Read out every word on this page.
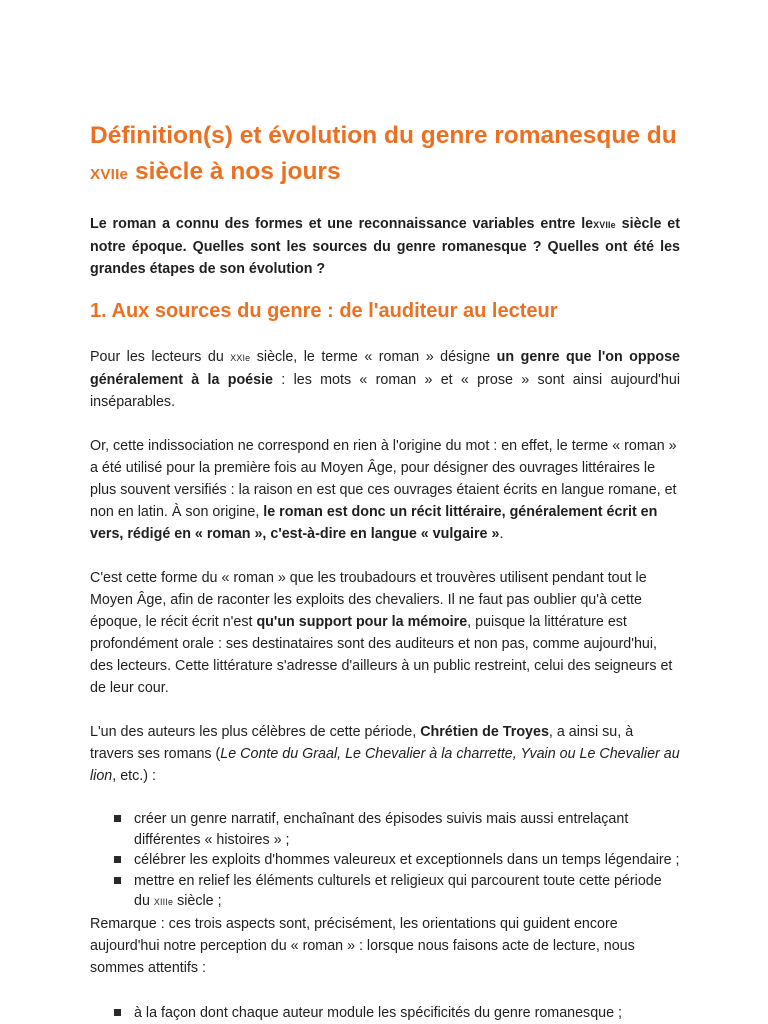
Définition(s) et évolution du genre romanesque du
XVIIe siècle à nos jours

Le roman a connu des formes et une reconnaissance variables entre leXVIIe siècle et notre époque. Quelles sont les sources du genre romanesque ? Quelles ont été les grandes étapes de son évolution ?

1. Aux sources du genre : de l'auditeur au lecteur

Pour les lecteurs du XXIe siècle, le terme « roman » désigne un genre que l'on oppose généralement à la poésie : les mots « roman » et « prose » sont ainsi aujourd'hui inséparables.

Or, cette indissociation ne correspond en rien à l'origine du mot : en effet, le terme « roman » a été utilisé pour la première fois au Moyen Âge, pour désigner des ouvrages littéraires le plus souvent versifiés : la raison en est que ces ouvrages étaient écrits en langue romane, et non en latin. À son origine, le roman est donc un récit littéraire, généralement écrit en vers, rédigé en « roman », c'est-à-dire en langue « vulgaire ».

C'est cette forme du « roman » que les troubadours et trouvères utilisent pendant tout le Moyen Âge, afin de raconter les exploits des chevaliers. Il ne faut pas oublier qu'à cette époque, le récit écrit n'est qu'un support pour la mémoire, puisque la littérature est profondément orale : ses destinataires sont des auditeurs et non pas, comme aujourd'hui, des lecteurs. Cette littérature s'adresse d'ailleurs à un public restreint, celui des seigneurs et de leur cour.

L'un des auteurs les plus célèbres de cette période, Chrétien de Troyes, a ainsi su, à travers ses romans (Le Conte du Graal, Le Chevalier à la charrette, Yvain ou Le Chevalier au lion, etc.) :

créer un genre narratif, enchaînant des épisodes suivis mais aussi entrelaçant différentes « histoires » ;
célébrer les exploits d'hommes valeureux et exceptionnels dans un temps légendaire ;
mettre en relief les éléments culturels et religieux qui parcourent toute cette période du XIIIe siècle ;

Remarque : ces trois aspects sont, précisément, les orientations qui guident encore aujourd'hui notre perception du « roman » : lorsque nous faisons acte de lecture, nous sommes attentifs :

à la façon dont chaque auteur module les spécificités du genre romanesque ;
